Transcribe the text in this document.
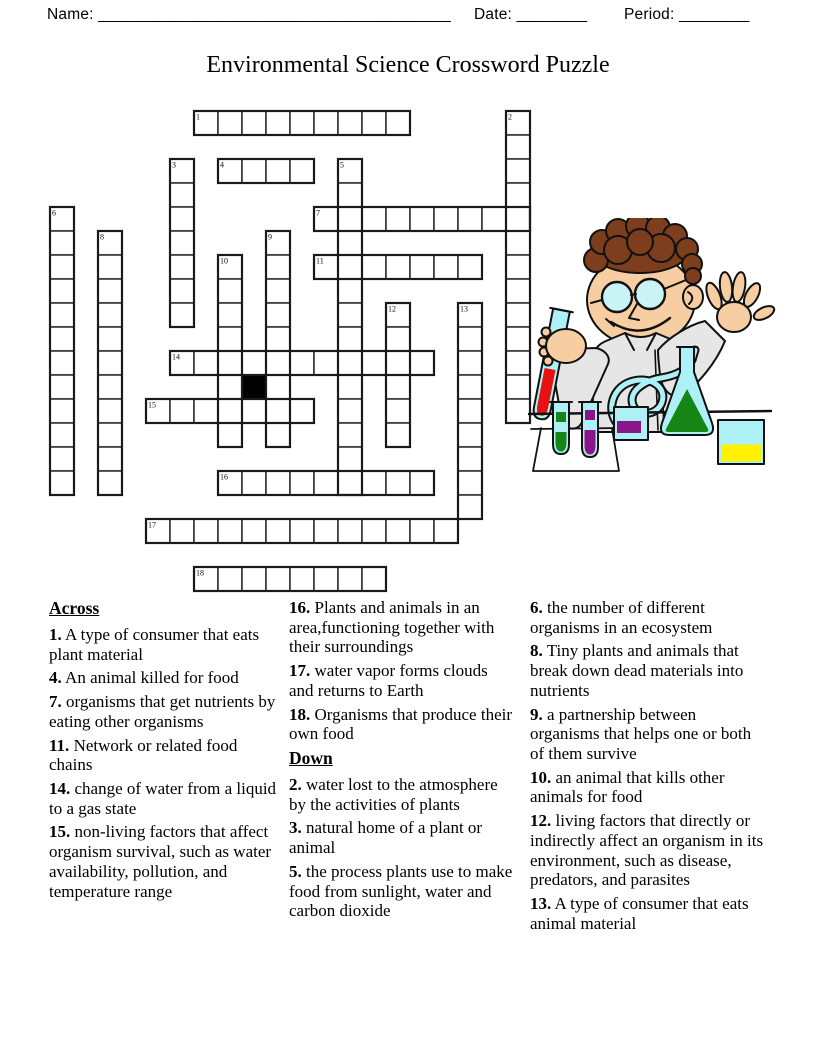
Name: ________________________________________ Date: ________ Period: ________
Environmental Science Crossword Puzzle
1	2
3	4	5
6	7
8	9
10	11
12	13
14
15
16
17
18
Across

1. A type of consumer that eats plant material

4. An animal killed for food

7. organisms that get nutrients by eating other organisms

11. Network or related food chains

14. change of water from a liquid to a gas state

15. non-living factors that affect organism survival, such as water availability, pollution, and temperature range

16. Plants and animals in an area,functioning together with their surroundings

17. water vapor forms clouds and returns to Earth

18. Organisms that produce their own food

Down

2. water lost to the atmosphere by the activities of plants

3. natural home of a plant or animal

5. the process plants use to make food from sunlight, water and carbon dioxide

6. the number of different organisms in an ecosystem

8. Tiny plants and animals that break down dead materials into nutrients

9. a partnership between organisms that helps one or both of them survive

10. an animal that kills other animals for food

12. living factors that directly or indirectly affect an organism in its environment, such as disease, predators, and parasites

13. A type of consumer that eats animal material
